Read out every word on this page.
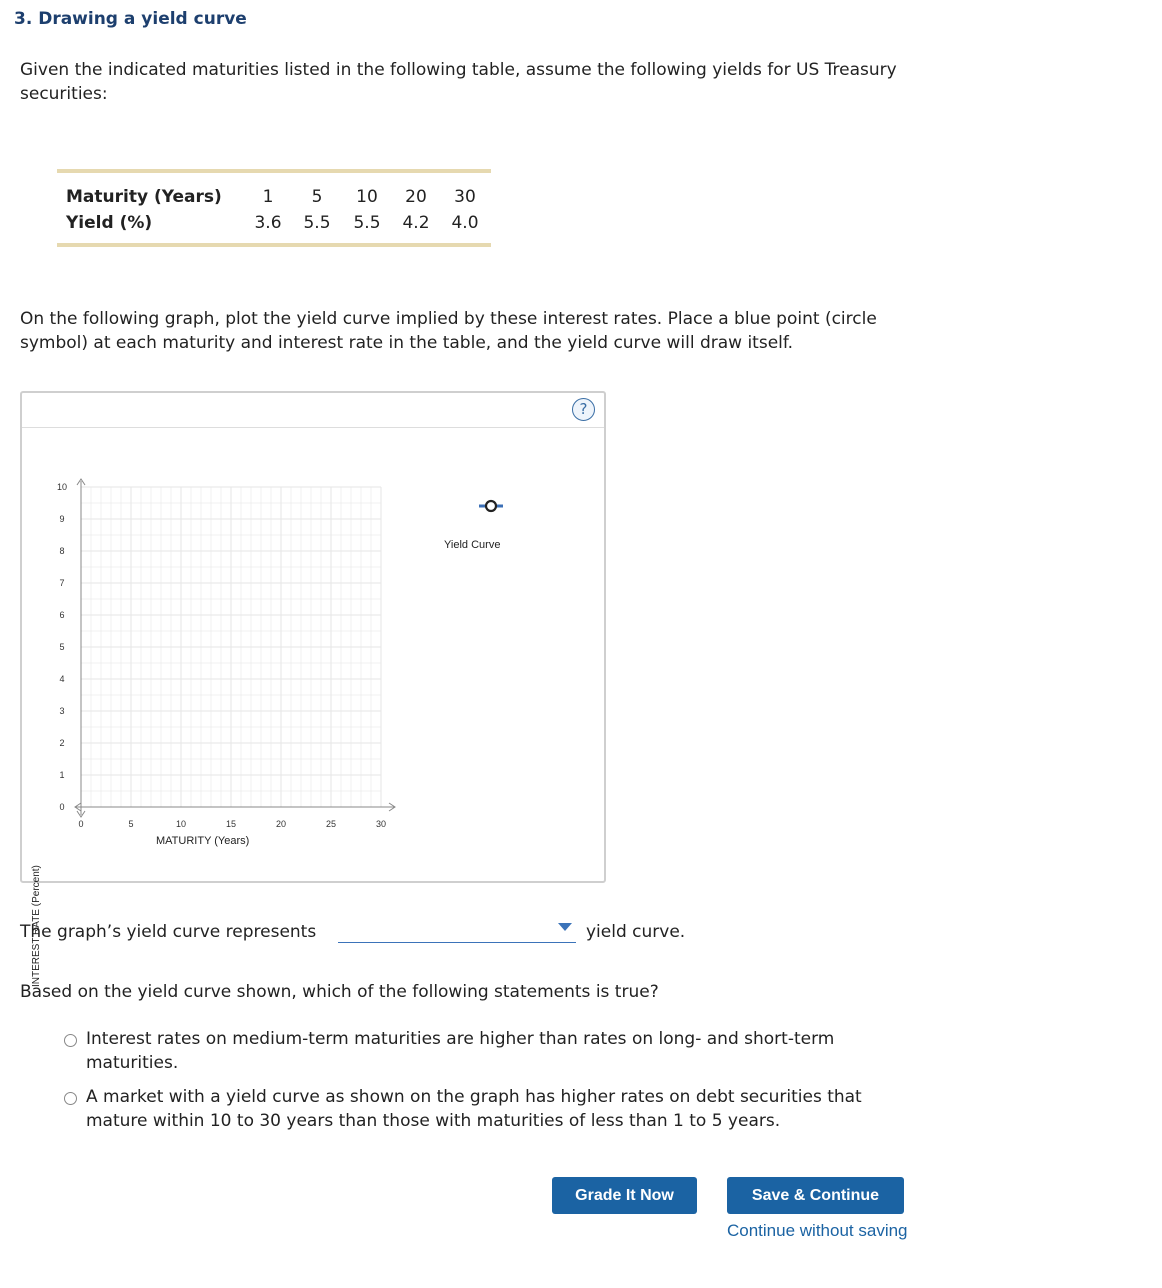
3. Drawing a yield curve
Given the indicated maturities listed in the following table, assume the following yields for US Treasury securities:
Maturity (Years)	1	5	10	20	30
Yield (%)	3.6	5.5	5.5	4.2	4.0
On the following graph, plot the yield curve implied by these interest rates. Place a blue point (circle symbol) at each maturity and interest rate in the table, and the yield curve will draw itself.
?
0	5	10	15	20	25	30
0
1
2
3
4
5
6
7
8
9
10
MATURITY (Years)
INTEREST RATE (Percent)
Yield Curve
The graph’s yield curve represents	yield curve.
Based on the yield curve shown, which of the following statements is true?
Interest rates on medium-term maturities are higher than rates on long- and short-term maturities.
A market with a yield curve as shown on the graph has higher rates on debt securities that mature within 10 to 30 years than those with maturities of less than 1 to 5 years.
Grade It Now	Save & Continue
Continue without saving
